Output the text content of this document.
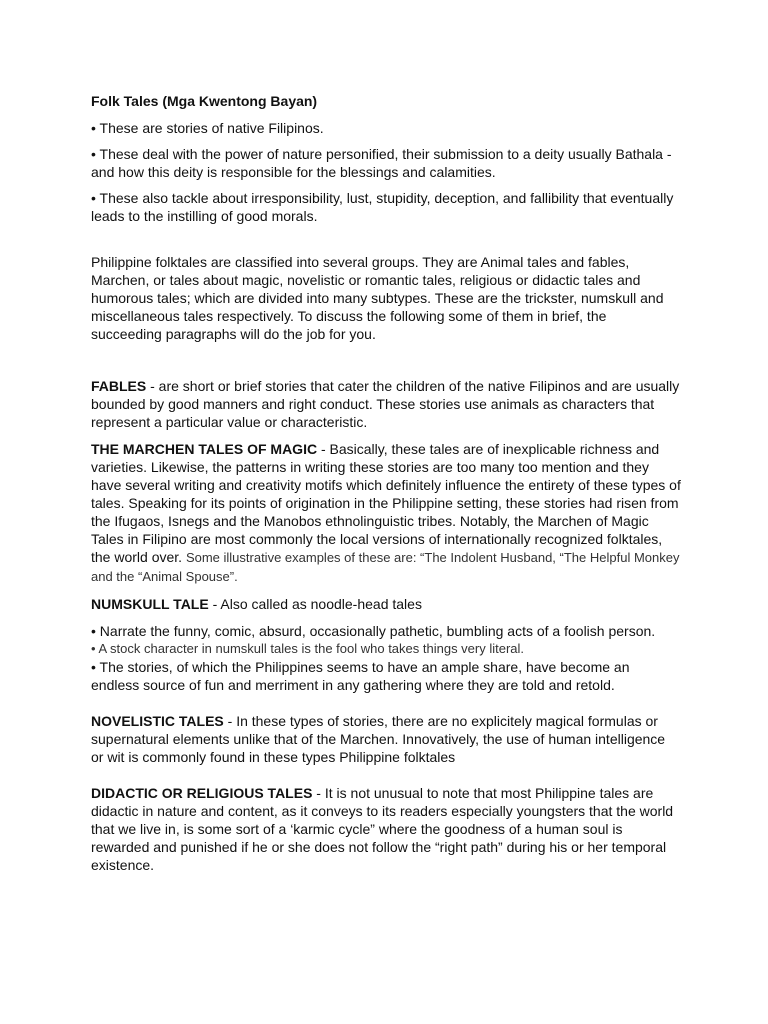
Folk Tales (Mga Kwentong Bayan)

• These are stories of native Filipinos.

• These deal with the power of nature personified, their submission to a deity usually Bathala - and how this deity is responsible for the blessings and calamities.

• These also tackle about irresponsibility, lust, stupidity, deception, and fallibility that eventually leads to the instilling of good morals.

Philippine folktales are classified into several groups. They are Animal tales and fables, Marchen, or tales about magic, novelistic or romantic tales, religious or didactic tales and humorous tales; which are divided into many subtypes. These are the trickster, numskull and miscellaneous tales respectively. To discuss the following some of them in brief, the succeeding paragraphs will do the job for you.

FABLES - are short or brief stories that cater the children of the native Filipinos and are usually bounded by good manners and right conduct. These stories use animals as characters that represent a particular value or characteristic.

THE MARCHEN TALES OF MAGIC - Basically, these tales are of inexplicable richness and varieties. Likewise, the patterns in writing these stories are too many too mention and they have several writing and creativity motifs which definitely influence the entirety of these types of tales. Speaking for its points of origination in the Philippine setting, these stories had risen from the Ifugaos, Isnegs and the Manobos ethnolinguistic tribes. Notably, the Marchen of Magic Tales in Filipino are most commonly the local versions of internationally recognized folktales, the world over. Some illustrative examples of these are: “The Indolent Husband, “The Helpful Monkey and the “Animal Spouse”.

NUMSKULL TALE - Also called as noodle-head tales

• Narrate the funny, comic, absurd, occasionally pathetic, bumbling acts of a foolish person.

• A stock character in numskull tales is the fool who takes things very literal.

• The stories, of which the Philippines seems to have an ample share, have become an endless source of fun and merriment in any gathering where they are told and retold.

NOVELISTIC TALES - In these types of stories, there are no explicitely magical formulas or supernatural elements unlike that of the Marchen. Innovatively, the use of human intelligence or wit is commonly found in these types Philippine folktales

DIDACTIC OR RELIGIOUS TALES - It is not unusual to note that most Philippine tales are didactic in nature and content, as it conveys to its readers especially youngsters that the world that we live in, is some sort of a ‘karmic cycle” where the goodness of a human soul is rewarded and punished if he or she does not follow the “right path” during his or her temporal existence.
